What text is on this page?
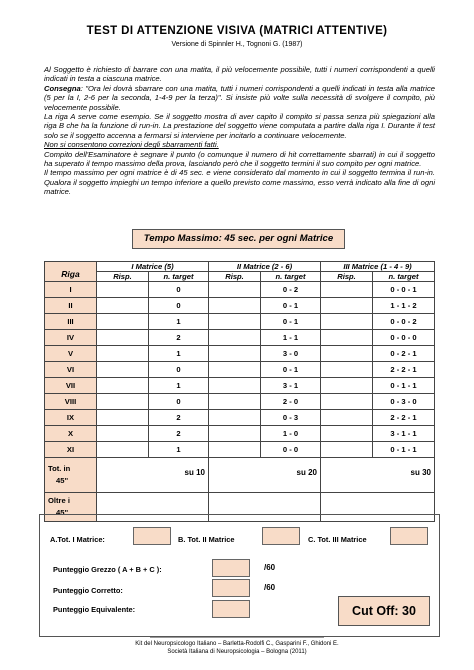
TEST DI ATTENZIONE VISIVA (MATRICI ATTENTIVE)
Versione di Spinnler H., Tognoni G. (1987)

Al Soggetto è richiesto di barrare con una matita, il più velocemente possibile, tutti i numeri corrispondenti a quelli indicati in testa a ciascuna matrice.

Consegna: "Ora lei dovrà sbarrare con una matita, tutti i numeri corrispondenti a quelli indicati in testa alla matrice (5 per la I, 2-6 per la seconda, 1-4-9 per la terza)". Si insiste più volte sulla necessità di svolgere il compito, più velocemente possibile.

La riga A serve come esempio. Se il soggetto mostra di aver capito il compito si passa senza più spiegazioni alla riga B che ha la funzione di run-in. La prestazione del soggetto viene computata a partire dalla riga I. Durante il test solo se il soggetto accenna a fermarsi si interviene per incitarlo a continuare velocemente.

Non si consentono correzioni degli sbarramenti fatti.

Compito dell'Esaminatore è segnare il punto (o comunque il numero di hit correttamente sbarrati) in cui il soggetto ha superato il tempo massimo della prova, lasciando però che il soggetto termini il suo compito per ogni matrice.

Il tempo massimo per ogni matrice è di 45 sec. e viene considerato dal momento in cui il soggetto termina il run-in. Qualora il soggetto impieghi un tempo inferiore a quello previsto come massimo, esso verrà indicato alla fine di ogni matrice.

Tempo Massimo: 45 sec. per ogni Matrice
Riga	I Matrice (5)		II Matrice (2 - 6)		III Matrice (1 - 4 - 9)	
	Risp.	n. target	Risp.	n. target	Risp.	n. target
I		0		0 - 2		0 - 0 - 1
II		0		0 - 1		1 - 1 - 2
III		1		0 - 1		0 - 0 - 2
IV		2		1 - 1		0 - 0 - 0
V		1		3 - 0		0 - 2 - 1
VI		0		0 - 1		2 - 2 - 1
VII		1		3 - 1		0 - 1 - 1
VIII		0		2 - 0		0 - 3 - 0
IX		2		0 - 3		2 - 2 - 1
X		2		1 - 0		3 - 1 - 1
XI		1		0 - 0		0 - 1 - 1

Tot. in
45''	su 10		su 20		su 30	

Oltre i
45''						

A.Tot. I Matrice:	B. Tot. II Matrice	C. Tot. III Matrice
Punteggio Grezzo ( A + B + C ):	/60
Punteggio Corretto:	/60
Punteggio Equivalente:	Cut Off: 30
Kit del Neuropsicologo Italiano – Barletta-Rodolfi C., Gasparini F., Ghidoni E.
Società Italiana di Neuropsicologia – Bologna (2011)
